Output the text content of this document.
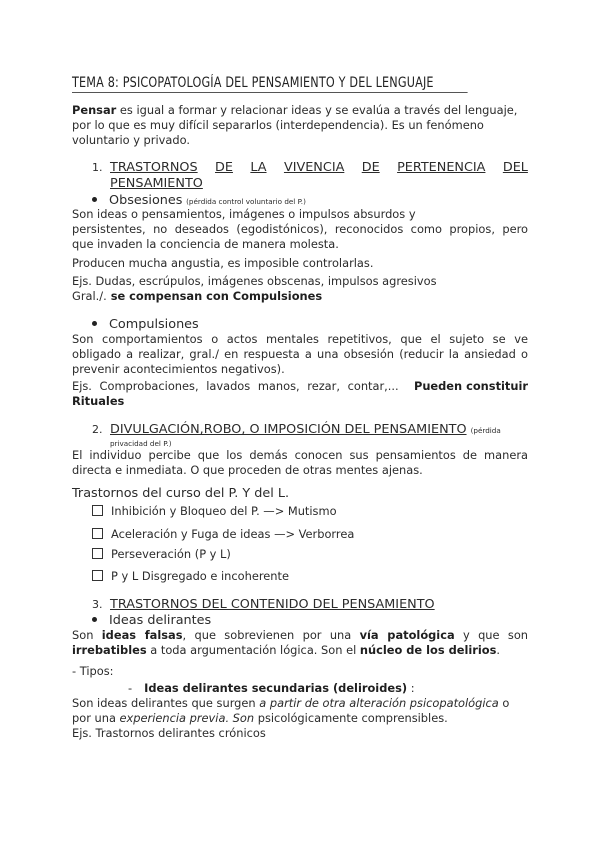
TEMA 8: PSICOPATOLOGÍA DEL PENSAMIENTO Y DEL LENGUAJE
Pensar es igual a formar y relacionar ideas y se evalúa a través del lenguaje,
por lo que es muy difícil separarlos (interdependencia). Es un fenómeno
voluntario y privado.
1. TRASTORNOS DE LA VIVENCIA DE PERTENENCIA DEL
PENSAMIENTO
Obsesiones (pérdida control voluntario del P.)
Son ideas o pensamientos, imágenes o impulsos absurdos y
persistentes, no deseados (egodistónicos), reconocidos como propios, pero
que invaden la conciencia de manera molesta.
Producen mucha angustia, es imposible controlarlas.
Ejs. Dudas, escrúpulos, imágenes obscenas, impulsos agresivos
Gral./. se compensan con Compulsiones
Compulsiones
Son comportamientos o actos mentales repetitivos, que el sujeto se ve
obligado a realizar, gral./ en respuesta a una obsesión (reducir la ansiedad o
prevenir acontecimientos negativos).
Ejs. Comprobaciones, lavados manos, rezar, contar,... Pueden constituir
Rituales
2. DIVULGACIÓN,ROBO, O IMPOSICIÓN DEL PENSAMIENTO (pérdida
privacidad del P.)
El individuo percibe que los demás conocen sus pensamientos de manera
directa e inmediata. O que proceden de otras mentes ajenas.
Trastornos del curso del P. Y del L.
Inhibición y Bloqueo del P. —> Mutismo
Aceleración y Fuga de ideas —> Verborrea
Perseveración (P y L)
P y L Disgregado e incoherente
3. TRASTORNOS DEL CONTENIDO DEL PENSAMIENTO
Ideas delirantes
Son ideas falsas, que sobrevienen por una vía patológica y que son
irrebatibles a toda argumentación lógica. Son el núcleo de los delirios.
- Tipos:
- Ideas delirantes secundarias (deliroides) :
Son ideas delirantes que surgen a partir de otra alteración psicopatológica o
por una experiencia previa. Son psicológicamente comprensibles.
Ejs. Trastornos delirantes crónicos
